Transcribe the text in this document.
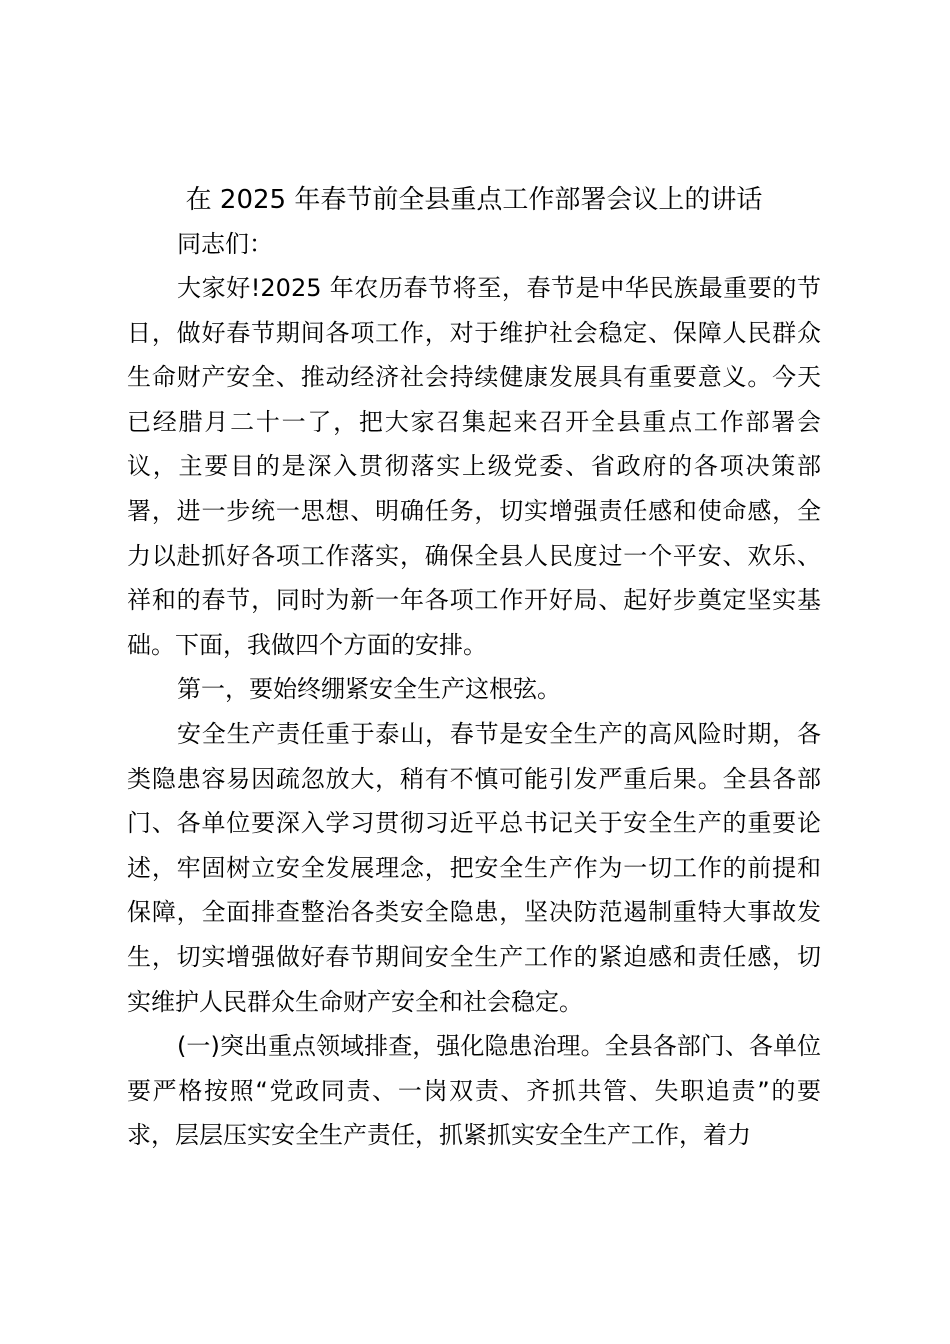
在 2025 年春节前全县重点工作部署会议上的讲话

同志们：

大家好!2025 年农历春节将至，春节是中华民族最重要的节日，做好春节期间各项工作，对于维护社会稳定、保障人民群众生命财产安全、推动经济社会持续健康发展具有重要意义。今天已经腊月二十一了，把大家召集起来召开全县重点工作部署会议，主要目的是深入贯彻落实上级党委、省政府的各项决策部署，进一步统一思想、明确任务，切实增强责任感和使命感，全力以赴抓好各项工作落实，确保全县人民度过一个平安、欢乐、祥和的春节，同时为新一年各项工作开好局、起好步奠定坚实基础。下面，我做四个方面的安排。

第一，要始终绷紧安全生产这根弦。

安全生产责任重于泰山，春节是安全生产的高风险时期，各类隐患容易因疏忽放大，稍有不慎可能引发严重后果。全县各部门、各单位要深入学习贯彻习近平总书记关于安全生产的重要论述，牢固树立安全发展理念，把安全生产作为一切工作的前提和保障，全面排查整治各类安全隐患，坚决防范遏制重特大事故发生，切实增强做好春节期间安全生产工作的紧迫感和责任感，切实维护人民群众生命财产安全和社会稳定。

(一)突出重点领域排查，强化隐患治理。全县各部门、各单位要严格按照“党政同责、一岗双责、齐抓共管、失职追责”的要求，层层压实安全生产责任，抓紧抓实安全生产工作，着力
